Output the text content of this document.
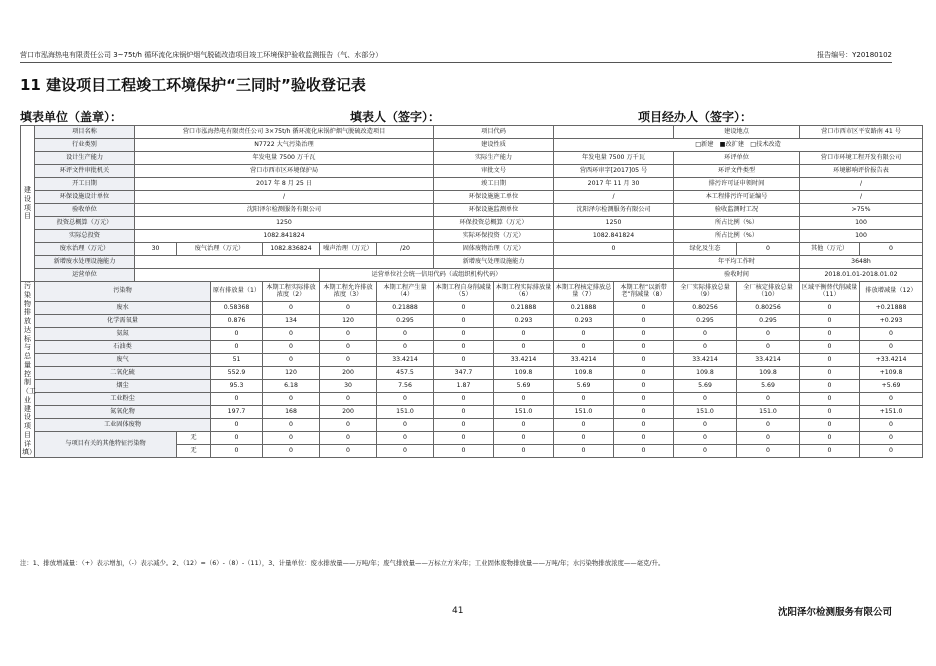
营口市泓海热电有限责任公司 3~75t/h 循环流化床锅炉烟气脱硫改造项目竣工环境保护验收监测报告（气、水部分）	报告编号：Y20180102
11 建设项目工程竣工环境保护“三同时”验收登记表
填表单位（盖章）：	填表人（签字）：	项目经办人（签字）：
建设项目	项目名称	营口市泓海热电有限责任公司 3×75t/h 循环流化床锅炉烟气脱硫改造项目						项目代码				建设地点		营口市西市区平安路南 41 号	
	行业类别	N7722 大气污染治理						建设性质		□新建　■改扩建　□技术改造					
	设计生产能力	年发电量 7500 万千瓦						实际生产能力		年发电量 7500 万千瓦		环评单位		营口市环境工程开发有限公司	
	环评文件审批机关	营口市西市区环境保护局						审批文号		营西环审字[2017]05 号		环评文件类型		环境影响评价报告表	
	开工日期	2017 年 8 月 25 日						竣工日期		2017 年 11 月 30		排污许可证申领时间		/	
	环保设施设计单位	/						环保设施施工单位		/		本工程排污许可证编号		/	
	验收单位	沈阳泽尔检测服务有限公司						环保设施监测单位		沈阳泽尔检测服务有限公司		验收监测时工况		>75%	
	投资总概算（万元）	1250						环保投资总概算（万元）		1250		所占比例（%）		100	
	实际总投资	1082.841824						实际环保投资（万元）		1082.841824		所占比例（%）		100	
	废水治理（万元）	30	废气治理（万元）		1082.836824	噪声治理（万元）	/20	固体废物治理（万元）		0		绿化及生态	0	其他（万元）	0
	新增废水处理设施能力							新增废气处理设施能力				年平均工作时		3648h	
	运营单位					运营单位社会统一信用代码（或组织机构代码）						验收时间		2018.01.01-2018.01.02	
污染物排放达标与总量控制（工业建设项目详填）	污染物			原有排放量（1）	本期工程实际排放浓度（2）	本期工程允许排放浓度（3）	本期工程产生量（4）	本期工程自身削减量（5）	本期工程实际排放量（6）	本期工程核定排放总量（7）	本期工程“以新带老”削减量（8）	全厂实际排放总量（9）	全厂核定排放总量（10）	区域平衡替代削减量（11）	排放增减量（12）
	废水			0.58368	0	0	0.21888	0	0.21888	0.21888	0	0.80256	0.80256	0	+0.21888
	化学需氧量			0.876	134	120	0.295	0	0.293	0.293	0	0.295	0.295	0	+0.293
	氨氮			0	0	0	0	0	0	0	0	0	0	0	0
	石油类			0	0	0	0	0	0	0	0	0	0	0	0
	废气			51	0	0	33.4214	0	33.4214	33.4214	0	33.4214	33.4214	0	+33.4214
	二氧化硫			552.9	120	200	457.5	347.7	109.8	109.8	0	109.8	109.8	0	+109.8
	烟尘			95.3	6.18	30	7.56	1.87	5.69	5.69	0	5.69	5.69	0	+5.69
	工业粉尘			0	0	0	0	0	0	0	0	0	0	0	0
	氮氧化物			197.7	168	200	151.0	0	151.0	151.0	0	151.0	151.0	0	+151.0
	工业固体废物			0	0	0	0	0	0	0	0	0	0	0	0
	与项目有关的其他特征污染物		无	0	0	0	0	0	0	0	0	0	0	0	0
			无	0	0	0	0	0	0	0	0	0	0	0	0
注：1、排放增减量：（+）表示增加，（-）表示减少。2、（12）=（6）-（8）-（11），3、计量单位：废水排放量——万吨/年；废气排放量——万标立方米/年；工业固体废物排放量——万吨/年；水污染物排放浓度——毫克/升。
41	沈阳泽尔检测服务有限公司
